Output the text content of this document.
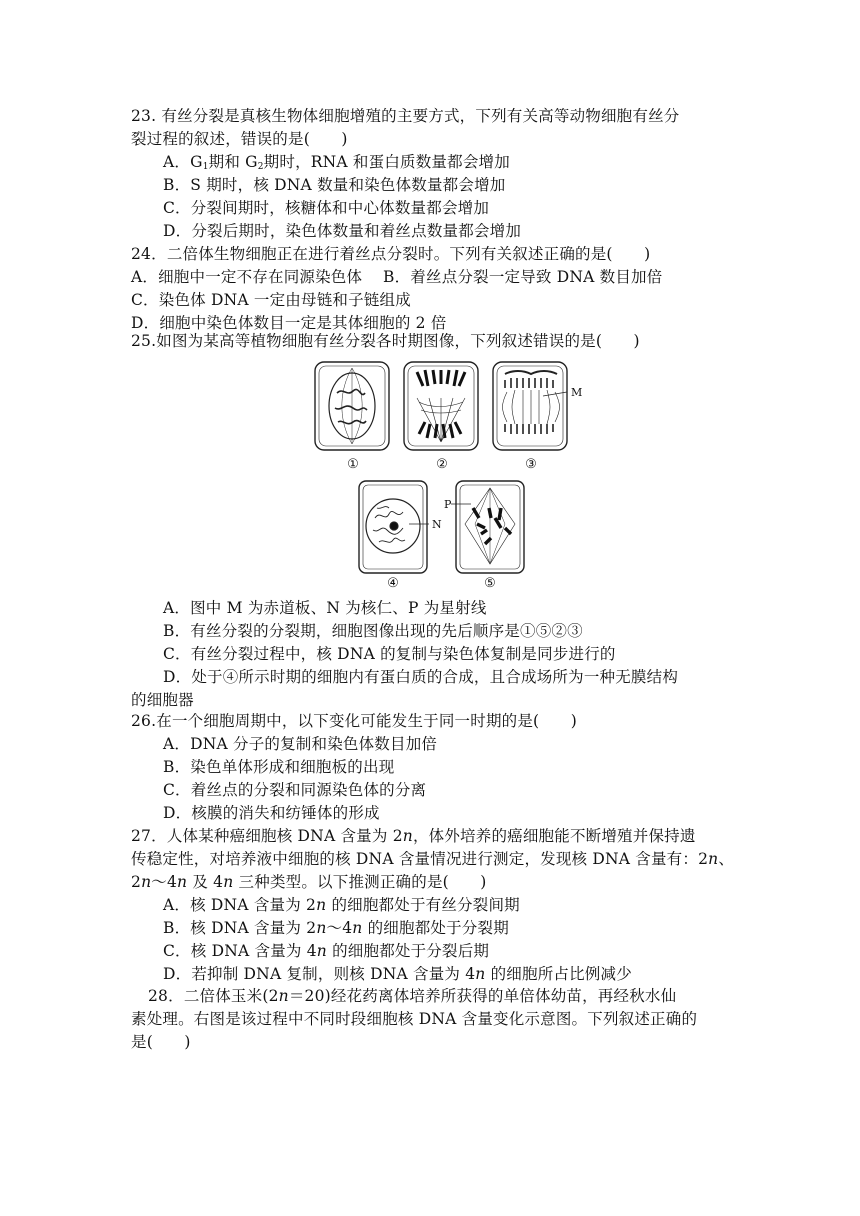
23. 有丝分裂是真核生物体细胞增殖的主要方式，下列有关高等动物细胞有丝分
裂过程的叙述，错误的是(　　)
A．$G_1$期和 $G_2$期时，RNA 和蛋白质数量都会增加
B．S 期时，核 DNA 数量和染色体数量都会增加
C．分裂间期时，核糖体和中心体数量都会增加
D．分裂后期时，染色体数量和着丝点数量都会增加
24．二倍体生物细胞正在进行着丝点分裂时。下列有关叙述正确的是(　　)
A．细胞中一定不存在同源染色体　 B．着丝点分裂一定导致 DNA 数目加倍
C．染色体 DNA 一定由母链和子链组成
D．细胞中染色体数目一定是其体细胞的 2 倍
25.如图为某高等植物细胞有丝分裂各时期图像，下列叙述错误的是(　　)
M
N
P
①	②	③
④	⑤
A．图中 M 为赤道板、N 为核仁、P 为星射线
B．有丝分裂的分裂期，细胞图像出现的先后顺序是①⑤②③
C．有丝分裂过程中，核 DNA 的复制与染色体复制是同步进行的
D．处于④所示时期的细胞内有蛋白质的合成，且合成场所为一种无膜结构
的细胞器
26.在一个细胞周期中，以下变化可能发生于同一时期的是(　　)
A．DNA 分子的复制和染色体数目加倍
B．染色单体形成和细胞板的出现
C．着丝点的分裂和同源染色体的分离
D．核膜的消失和纺锤体的形成
27．人体某种癌细胞核 DNA 含量为 2n，体外培养的癌细胞能不断增殖并保持遗
传稳定性，对培养液中细胞的核 DNA 含量情况进行测定，发现核 DNA 含量有：2n、
2n～4n 及 4n 三种类型。以下推测正确的是(　　)
A．核 DNA 含量为 2n 的细胞都处于有丝分裂间期
B．核 DNA 含量为 2n～4n 的细胞都处于分裂期
C．核 DNA 含量为 4n 的细胞都处于分裂后期
D．若抑制 DNA 复制，则核 DNA 含量为 4n 的细胞所占比例减少
28．二倍体玉米(2n＝20)经花药离体培养所获得的单倍体幼苗，再经秋水仙
素处理。右图是该过程中不同时段细胞核 DNA 含量变化示意图。下列叙述正确的
是(　　)
